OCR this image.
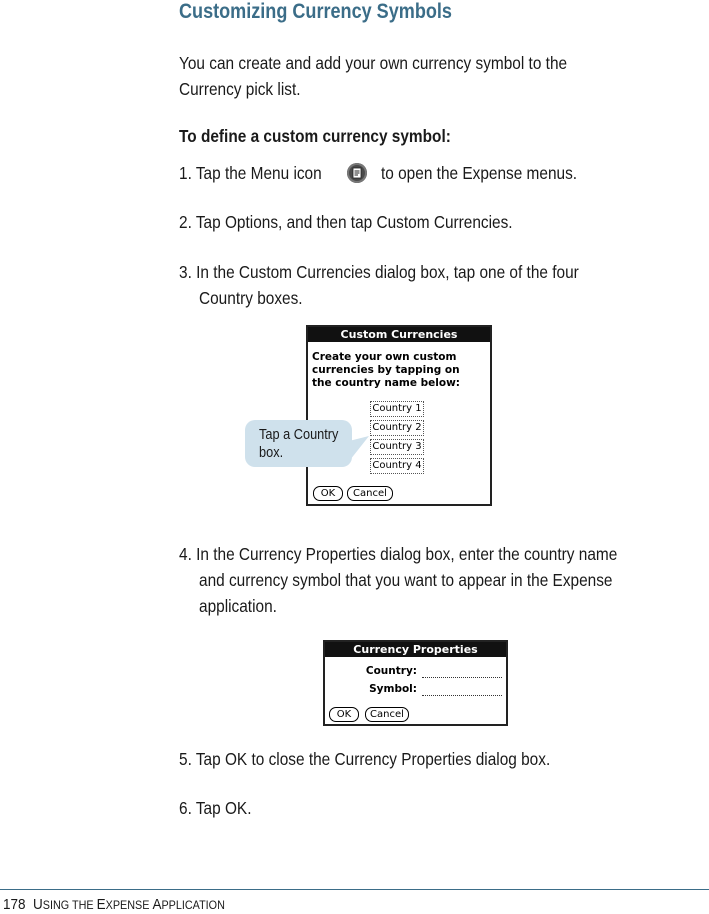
Customizing Currency Symbols
You can create and add your own currency symbol to the
Currency pick list.
To define a custom currency symbol:
1. Tap the Menu icon	to open the Expense menus.
2. Tap Options, and then tap Custom Currencies.
3. In the Custom Currencies dialog box, tap one of the four
Country boxes.
Custom Currencies
Create your own custom
currencies by tapping on
the country name below:
Country 1
Country 2
Country 3
Country 4
OK	Cancel
Tap a Country
box.
4. In the Currency Properties dialog box, enter the country name
and currency symbol that you want to appear in the Expense
application.
Currency Properties
Country:
Symbol:
OK	Cancel
5. Tap OK to close the Currency Properties dialog box.
6. Tap OK.
178 USING THE EXPENSE APPLICATION
